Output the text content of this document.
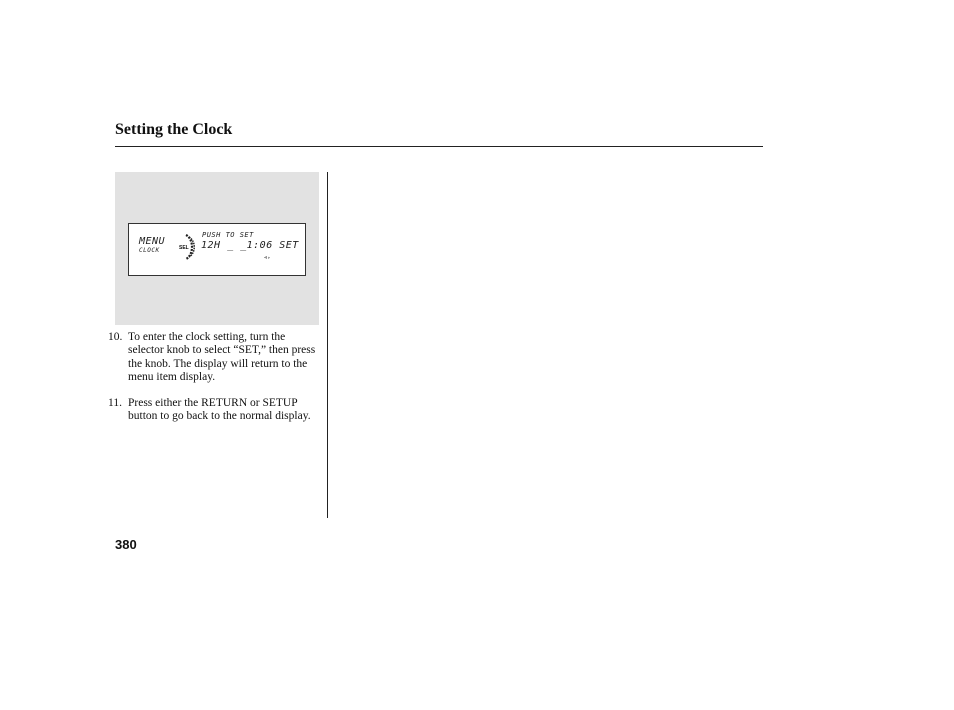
Setting the Clock
MENU
CLOCK	SEL
PUSH TO SET
12H _ _1:06 SET
⊲▹
10. To enter the clock setting, turn the selector knob to select “SET,” then press the knob. The display will return to the menu item display.
11. Press either the RETURN or SETUP button to go back to the normal display.
380
